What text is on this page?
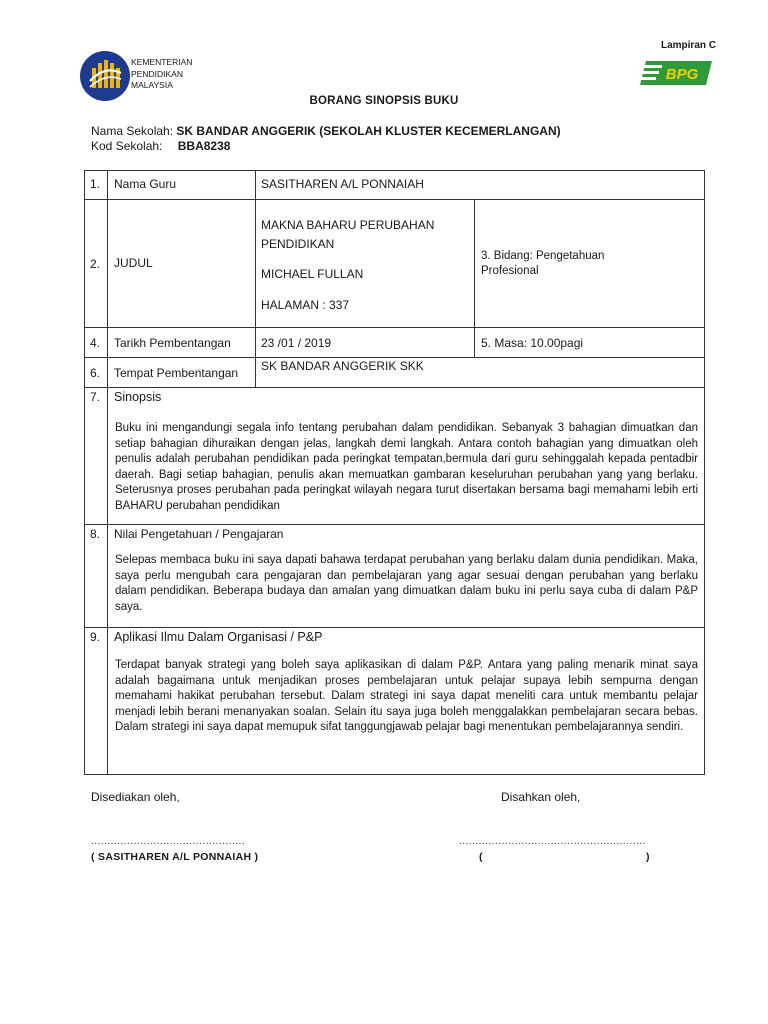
KEMENTERIAN
PENDIDIKAN
MALAYSIA
Lampiran C
BPG
BORANG SINOPSIS BUKU
Nama Sekolah: SK BANDAR ANGGERIK (SEKOLAH KLUSTER KECEMERLANGAN)
Kod Sekolah: BBA8238
1. Nama Guru	SASITHAREN A/L PONNAIAH
2. JUDUL
MAKNA BAHARU PERUBAHAN PENDIDIKAN
MICHAEL FULLAN
HALAMAN : 337
3. Bidang: Pengetahuan Profesional
4. Tarikh Pembentangan	23 /01 / 2019	5. Masa: 10.00pagi
6. Tempat Pembentangan SK BANDAR ANGGERIK SKK
7. Sinopsis
Buku ini mengandungi segala info tentang perubahan dalam pendidikan. Sebanyak 3 bahagian dimuatkan dan setiap bahagian dihuraikan dengan jelas, langkah demi langkah. Antara contoh bahagian yang dimuatkan oleh penulis adalah perubahan pendidikan pada peringkat tempatan,bermula dari guru sehinggalah kepada pentadbir daerah. Bagi setiap bahagian, penulis akan memuatkan gambaran keseluruhan perubahan yang yang berlaku. Seterusnya proses perubahan pada peringkat wilayah negara turut disertakan bersama bagi memahami lebih erti BAHARU perubahan pendidikan
8. Nilai Pengetahuan / Pengajaran
Selepas membaca buku ini saya dapati bahawa terdapat perubahan yang berlaku dalam dunia pendidikan. Maka, saya perlu mengubah cara pengajaran dan pembelajaran yang agar sesuai dengan perubahan yang berlaku dalam pendidikan. Beberapa budaya dan amalan yang dimuatkan dalam buku ini perlu saya cuba di dalam P&P saya.
9. Aplikasi Ilmu Dalam Organisasi / P&P
Terdapat banyak strategi yang boleh saya aplikasikan di dalam P&P. Antara yang paling menarik minat saya adalah bagaimana untuk menjadikan proses pembelajaran untuk pelajar supaya lebih sempurna dengan memahami hakikat perubahan tersebut. Dalam strategi ini saya dapat meneliti cara untuk membantu pelajar menjadi lebih berani menanyakan soalan. Selain itu saya juga boleh menggalakkan pembelajaran secara bebas. Dalam strategi ini saya dapat memupuk sifat tanggungjawab pelajar bagi menentukan pembelajarannya sendiri.
Disediakan oleh,	Disahkan oleh,
...............................................	.........................................................
( SASITHAREN A/L PONNAIAH )	(	)
